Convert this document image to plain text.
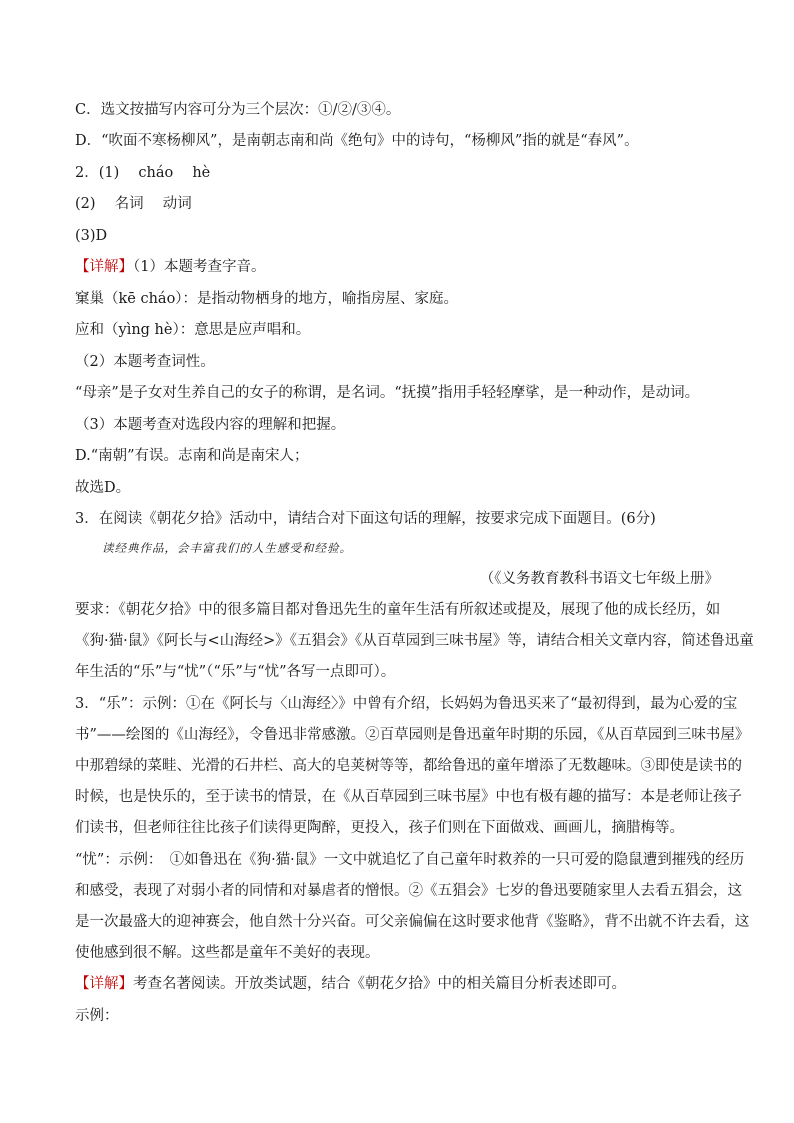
C．选文按描写内容可分为三个层次：①/②/③④。
D．“吹面不寒杨柳风”，是南朝志南和尚《绝句》中的诗句，“杨柳风”指的就是“春风”。
2．(1)　 cháo　 hè
(2)　 名词　 动词
(3)D
【详解】（1）本题考查字音。
窠巢（kē cháo）：是指动物栖身的地方，喻指房屋、家庭。
应和（yìng hè）：意思是应声唱和。
（2）本题考查词性。
“母亲”是子女对生养自己的女子的称谓，是名词。“抚摸”指用手轻轻摩挲，是一种动作，是动词。
（3）本题考查对选段内容的理解和把握。
D.“南朝”有误。志南和尚是南宋人；
故选D。
3．在阅读《朝花夕拾》活动中，请结合对下面这句话的理解，按要求完成下面题目。(6分)
读经典作品，会丰富我们的人生感受和经验。
（《义务教育教科书语文七年级上册》
要求：《朝花夕拾》中的很多篇目都对鲁迅先生的童年生活有所叙述或提及，展现了他的成长经历，如
《狗·猫·鼠》《阿长与<山海经>》《五猖会》《从百草园到三味书屋》等，请结合相关文章内容，简述鲁迅童
年生活的“乐”与“忧”（“乐”与“忧”各写一点即可）。
3．“乐”：示例：①在《阿长与〈山海经〉》中曾有介绍，长妈妈为鲁迅买来了“最初得到，最为心爱的宝
书”——绘图的《山海经》，令鲁迅非常感激。②百草园则是鲁迅童年时期的乐园，《从百草园到三味书屋》
中那碧绿的菜畦、光滑的石井栏、高大的皂荚树等等，都给鲁迅的童年增添了无数趣味。③即使是读书的
时候，也是快乐的，至于读书的情景，在《从百草园到三味书屋》中也有极有趣的描写：本是老师让孩子
们读书，但老师往往比孩子们读得更陶醉，更投入，孩子们则在下面做戏、画画儿，摘腊梅等。
“忧”：示例：　①如鲁迅在《狗·猫·鼠》一文中就追忆了自己童年时救养的一只可爱的隐鼠遭到摧残的经历
和感受，表现了对弱小者的同情和对暴虐者的憎恨。②《五猖会》七岁的鲁迅要随家里人去看五猖会，这
是一次最盛大的迎神赛会，他自然十分兴奋。可父亲偏偏在这时要求他背《鉴略》，背不出就不许去看，这
使他感到很不解。这些都是童年不美好的表现。
【详解】考查名著阅读。开放类试题，结合《朝花夕拾》中的相关篇目分析表述即可。
示例：
